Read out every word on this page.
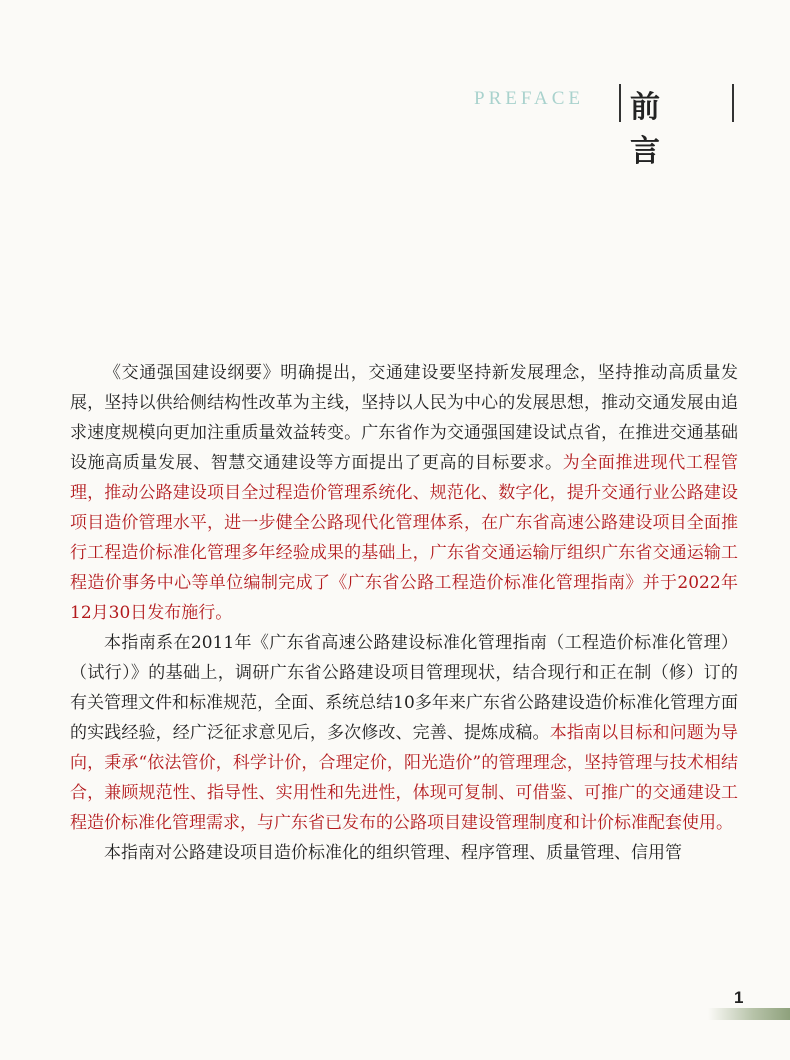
PREFACE 前言

《交通强国建设纲要》明确提出，交通建设要坚持新发展理念，坚持推动高质量发展，坚持以供给侧结构性改革为主线，坚持以人民为中心的发展思想，推动交通发展由追求速度规模向更加注重质量效益转变。广东省作为交通强国建设试点省，在推进交通基础设施高质量发展、智慧交通建设等方面提出了更高的目标要求。为全面推进现代工程管理，推动公路建设项目全过程造价管理系统化、规范化、数字化，提升交通行业公路建设项目造价管理水平，进一步健全公路现代化管理体系，在广东省高速公路建设项目全面推行工程造价标准化管理多年经验成果的基础上，广东省交通运输厅组织广东省交通运输工程造价事务中心等单位编制完成了《广东省公路工程造价标准化管理指南》并于2022年12月30日发布施行。

本指南系在2011年《广东省高速公路建设标准化管理指南（工程造价标准化管理）（试行）》的基础上，调研广东省公路建设项目管理现状，结合现行和正在制（修）订的有关管理文件和标准规范，全面、系统总结10多年来广东省公路建设造价标准化管理方面的实践经验，经广泛征求意见后，多次修改、完善、提炼成稿。本指南以目标和问题为导向，秉承“依法管价，科学计价，合理定价，阳光造价”的管理理念，坚持管理与技术相结合，兼顾规范性、指导性、实用性和先进性，体现可复制、可借鉴、可推广的交通建设工程造价标准化管理需求，与广东省已发布的公路项目建设管理制度和计价标准配套使用。

本指南对公路建设项目造价标准化的组织管理、程序管理、质量管理、信用管

1
